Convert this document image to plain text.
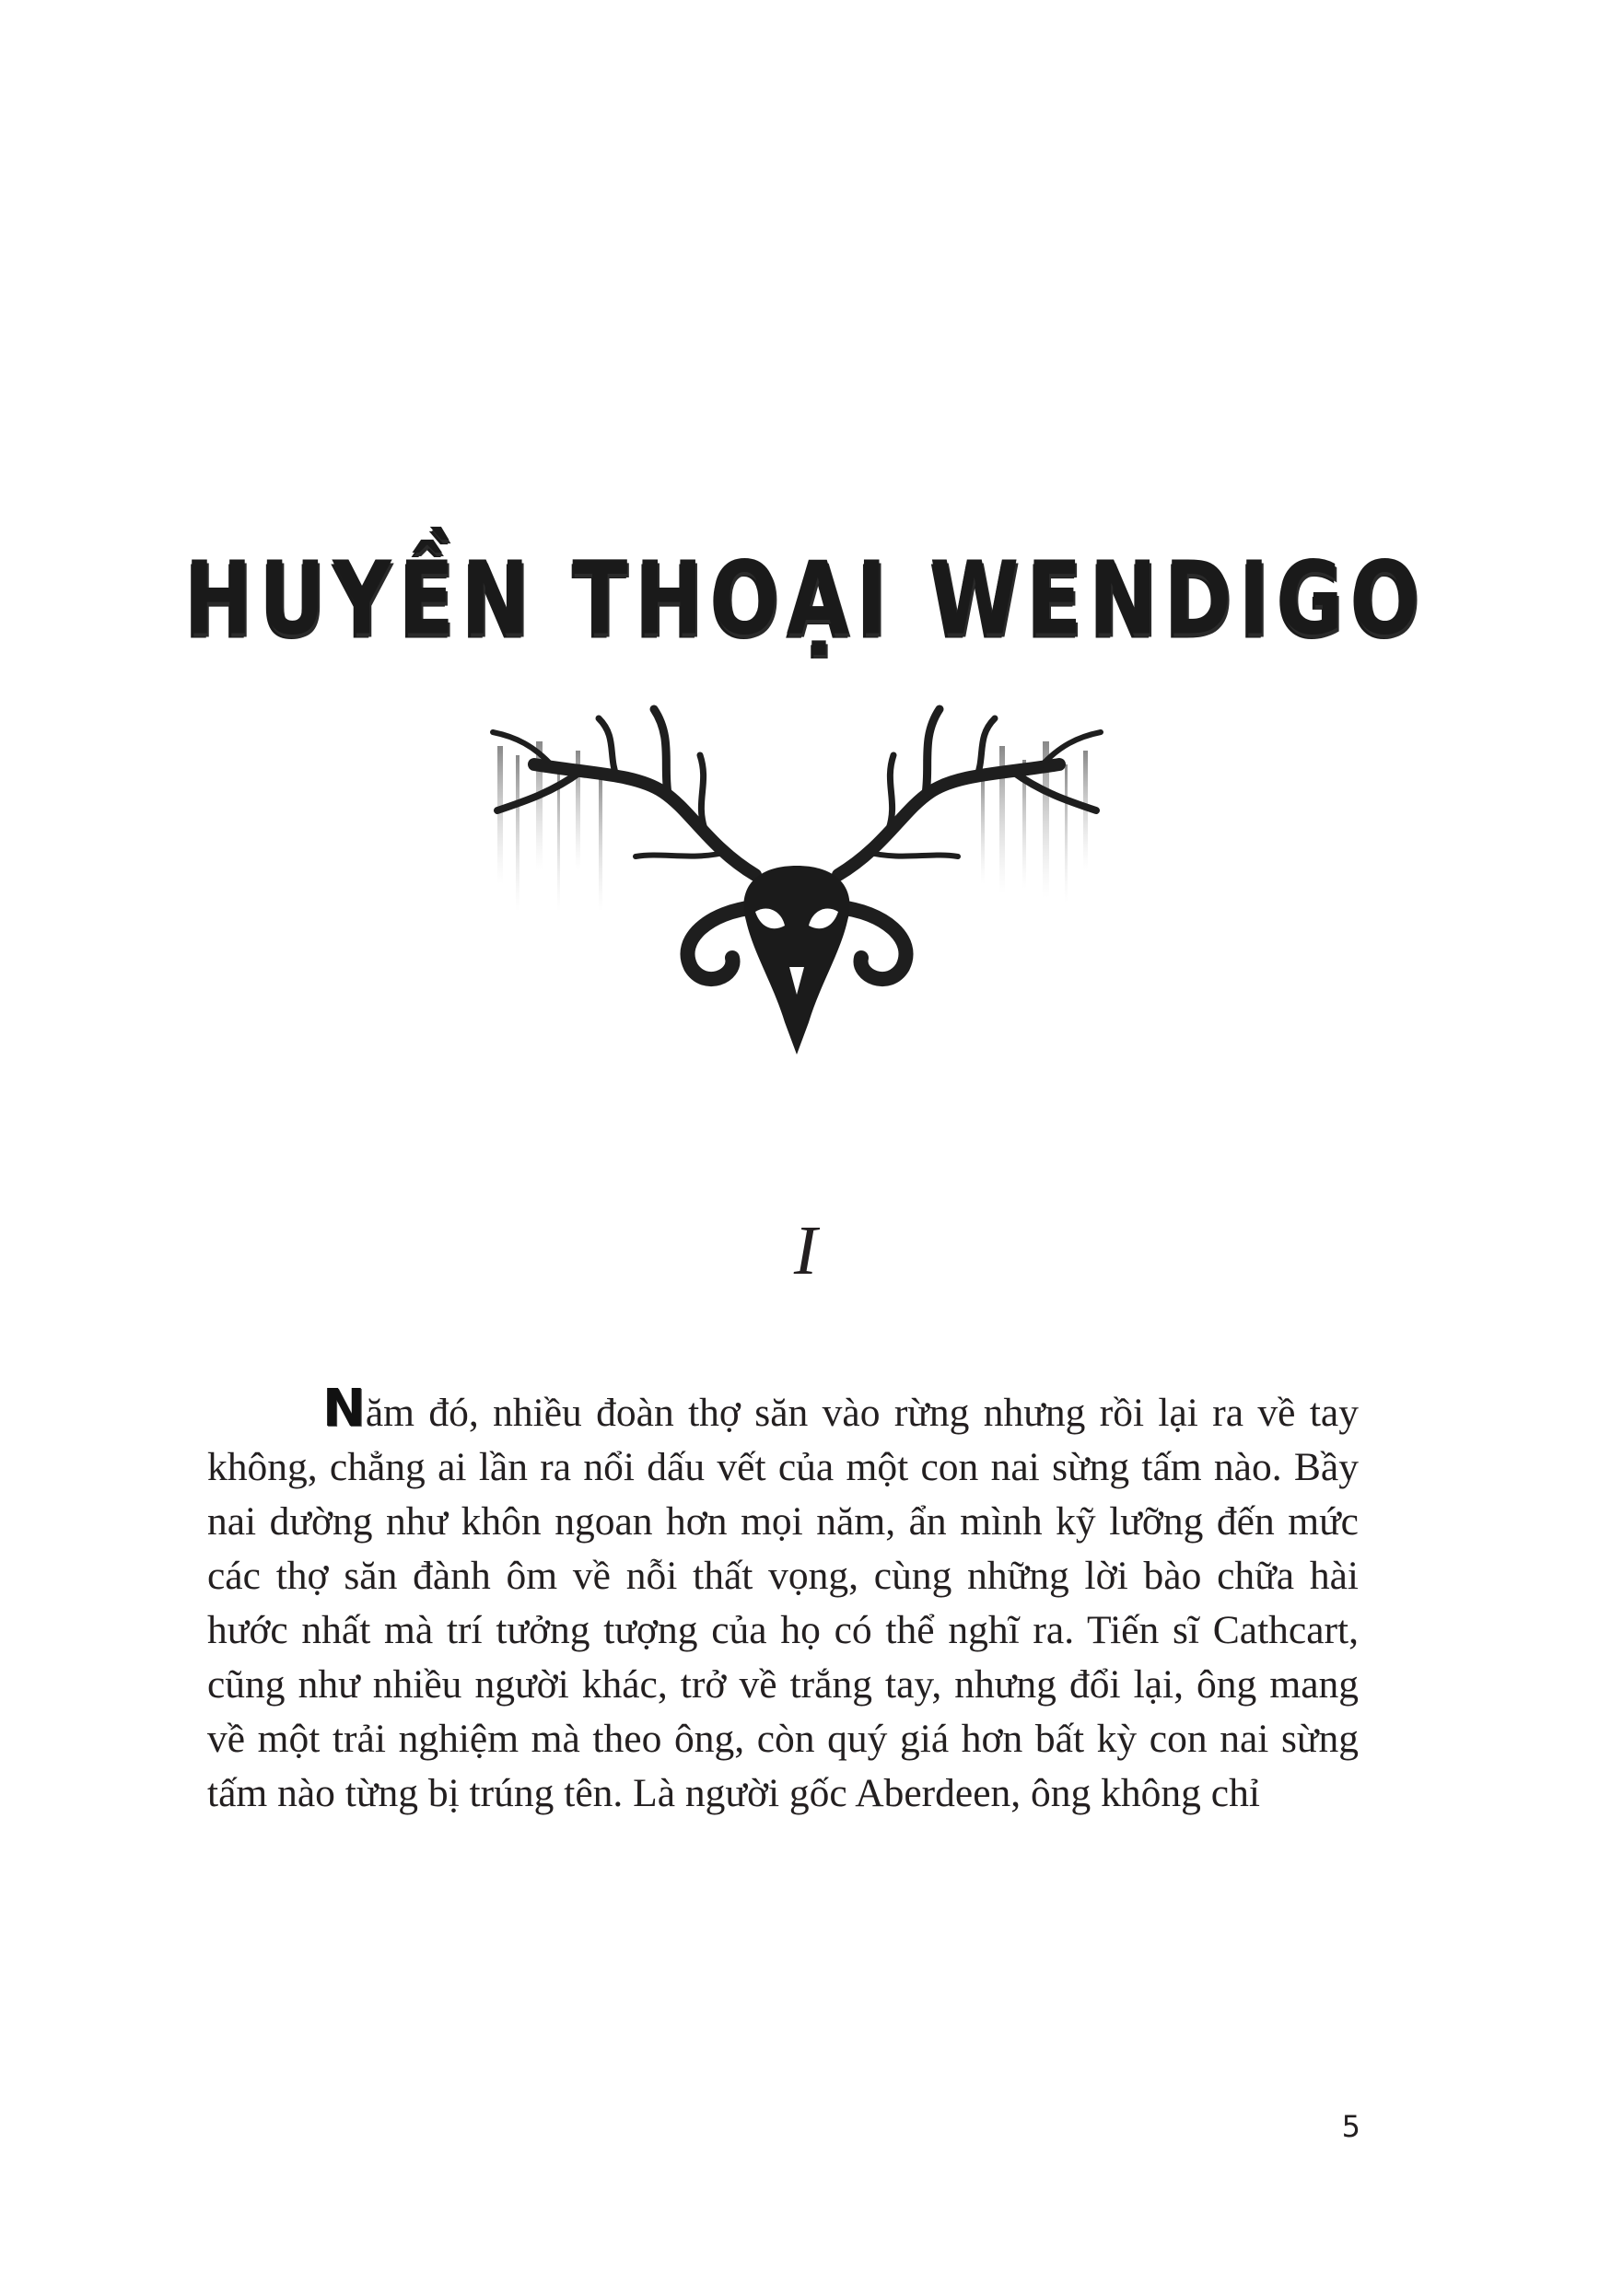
HUYỀN THOẠI WENDIGO
I

Năm đó, nhiều đoàn thợ săn vào rừng nhưng rồi lại ra về tay không, chẳng ai lần ra nổi dấu vết của một con nai sừng tấm nào. Bầy nai dường như khôn ngoan hơn mọi năm, ẩn mình kỹ lưỡng đến mức các thợ săn đành ôm về nỗi thất vọng, cùng những lời bào chữa hài hước nhất mà trí tưởng tượng của họ có thể nghĩ ra. Tiến sĩ Cathcart, cũng như nhiều người khác, trở về trắng tay, nhưng đổi lại, ông mang về một trải nghiệm mà theo ông, còn quý giá hơn bất kỳ con nai sừng tấm nào từng bị trúng tên. Là người gốc Aberdeen, ông không chỉ

5
